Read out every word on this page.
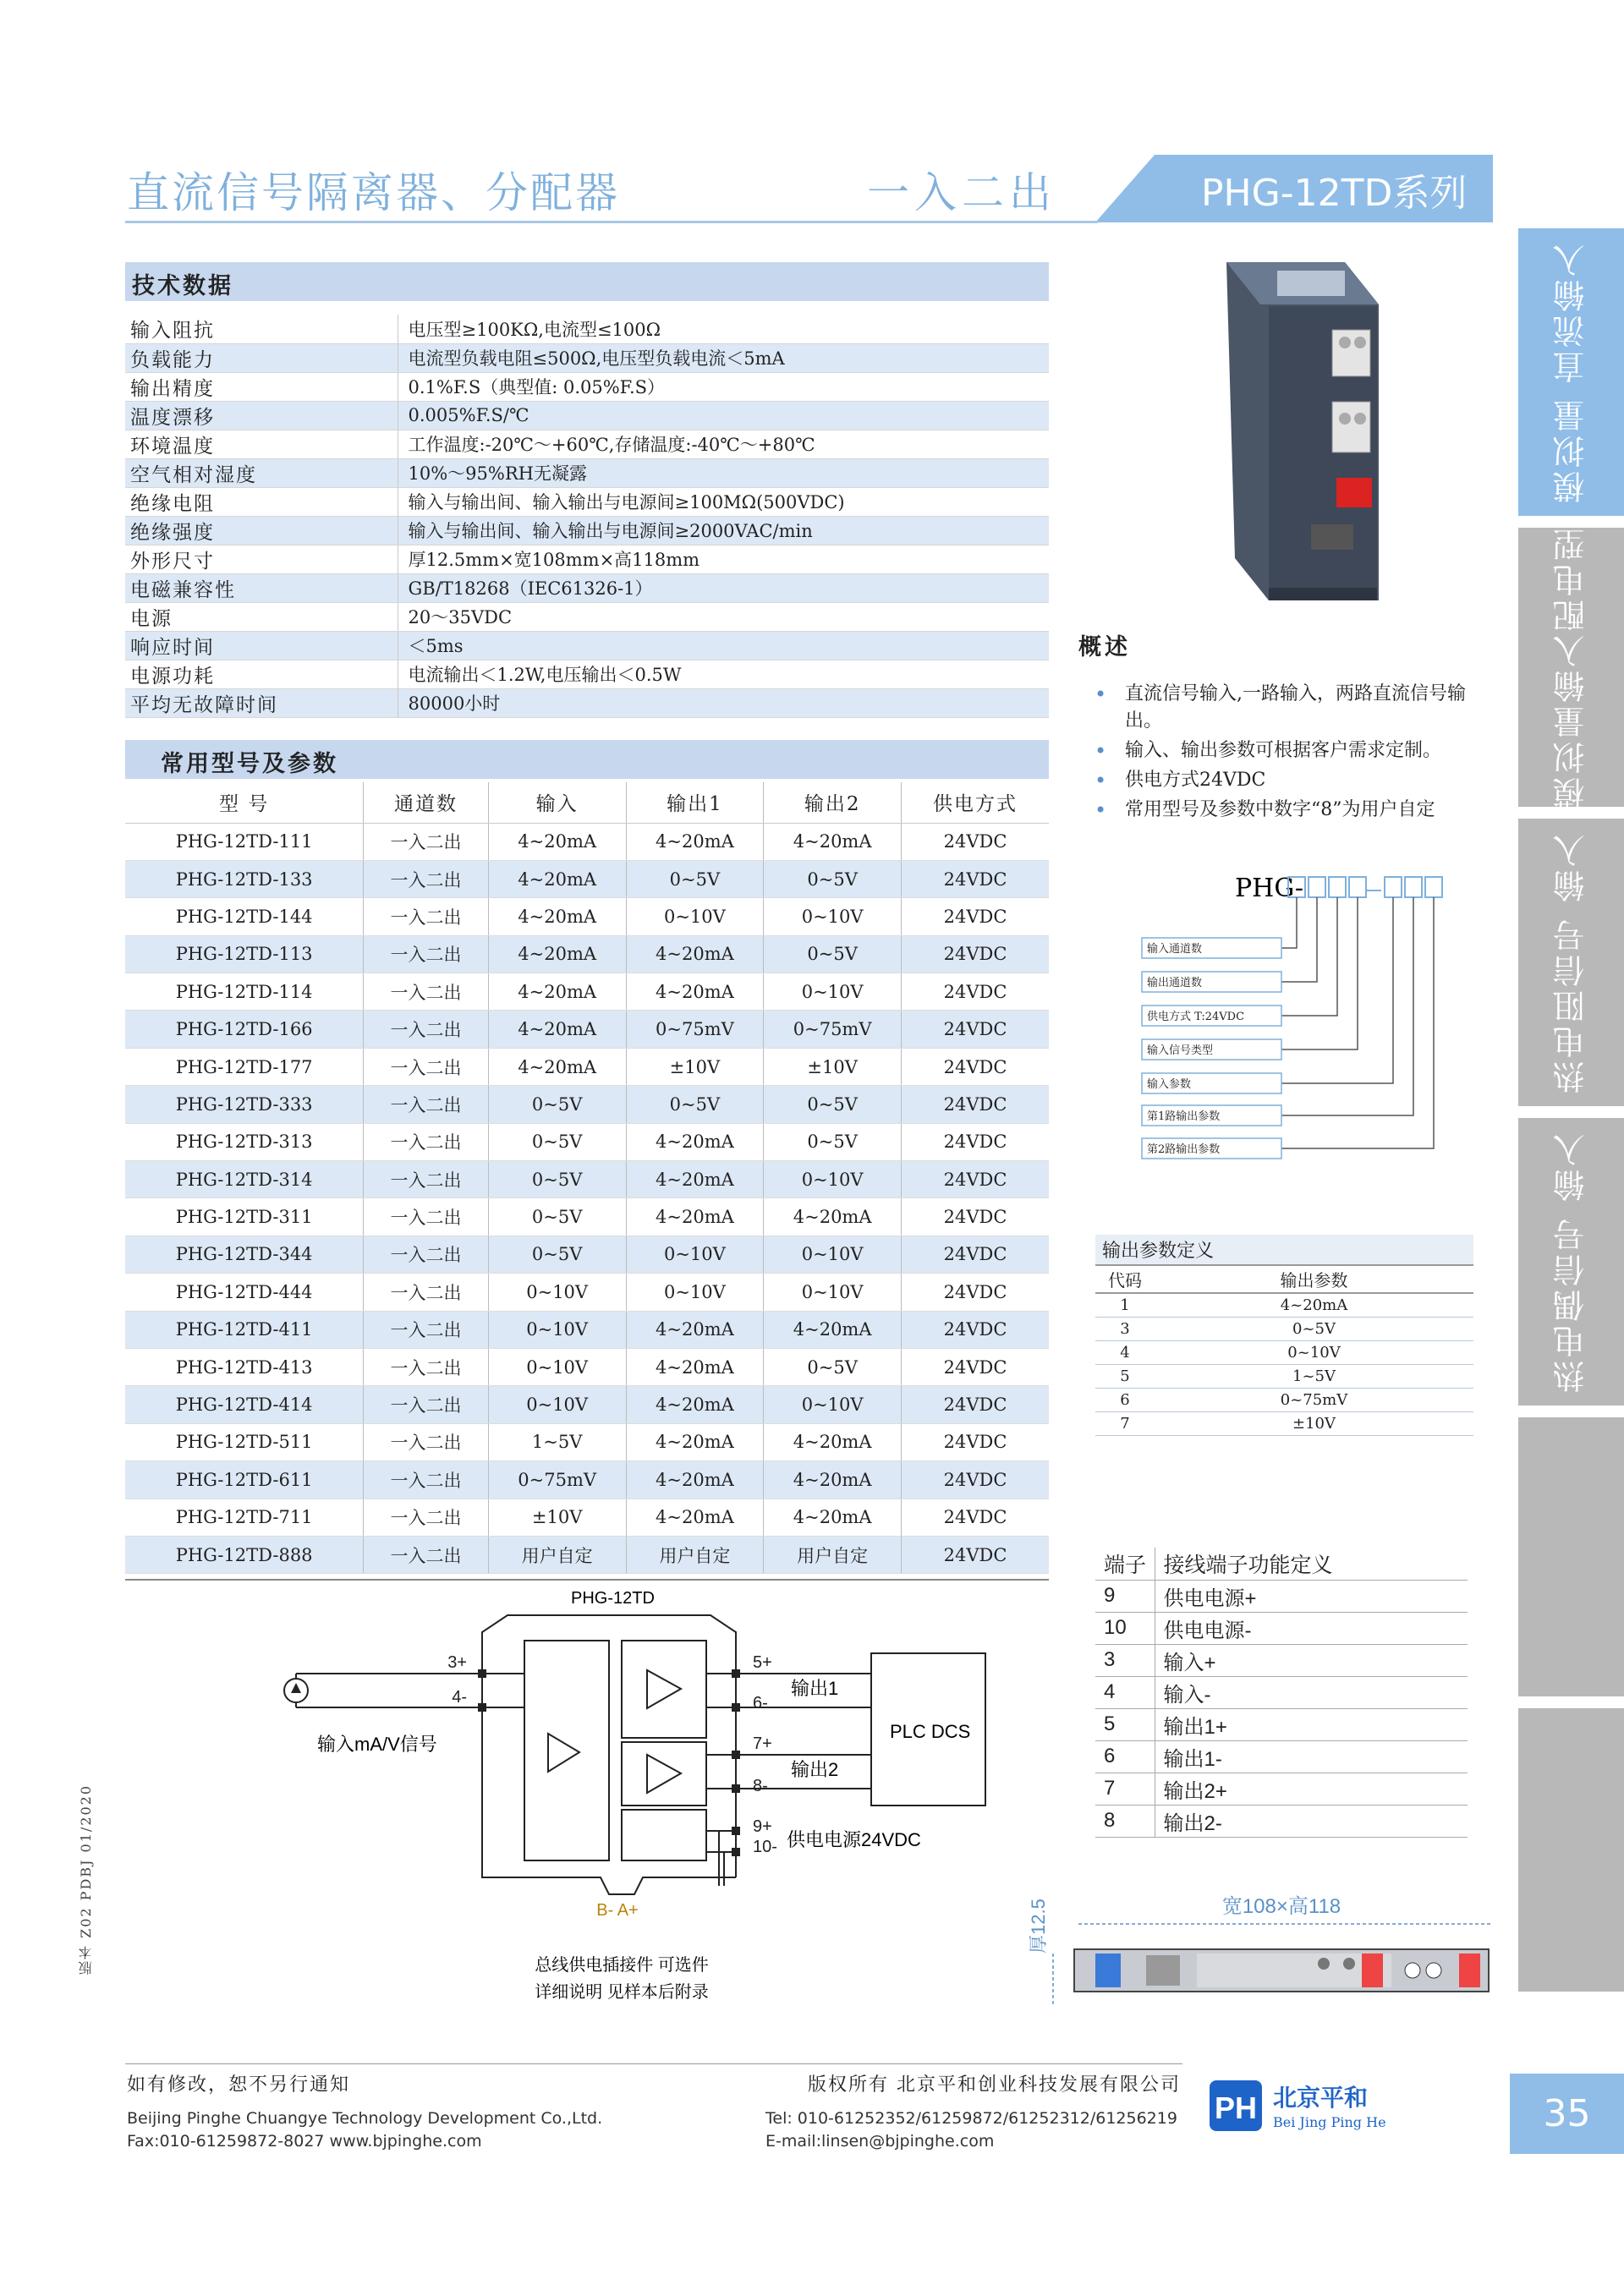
直流信号隔离器、分配器	一入二出	PHG-12TD系列
技术数据
输入阻抗	电压型≥100KΩ,电流型≤100Ω
负载能力	电流型负载电阻≤500Ω,电压型负载电流＜5mA
输出精度	0.1%F.S（典型值: 0.05%F.S）
温度漂移	0.005%F.S/℃
环境温度	工作温度:-20℃～+60℃,存储温度:-40℃～+80℃
空气相对湿度	10%～95%RH无凝露
绝缘电阻	输入与输出间、输入输出与电源间≥100MΩ(500VDC)
绝缘强度	输入与输出间、输入输出与电源间≥2000VAC/min
外形尺寸	厚12.5mm×宽108mm×高118mm
电磁兼容性	GB/T18268（IEC61326-1）
电源	20～35VDC
响应时间	＜5ms
电源功耗	电流输出＜1.2W,电压输出＜0.5W
平均无故障时间	80000小时
常用型号及参数
型 号	通道数	输入	输出1	输出2	供电方式
PHG-12TD-111	一入二出	4~20mA	4~20mA	4~20mA	24VDC
PHG-12TD-133	一入二出	4~20mA	0~5V	0~5V	24VDC
PHG-12TD-144	一入二出	4~20mA	0~10V	0~10V	24VDC
PHG-12TD-113	一入二出	4~20mA	4~20mA	0~5V	24VDC
PHG-12TD-114	一入二出	4~20mA	4~20mA	0~10V	24VDC
PHG-12TD-166	一入二出	4~20mA	0~75mV	0~75mV	24VDC
PHG-12TD-177	一入二出	4~20mA	±10V	±10V	24VDC
PHG-12TD-333	一入二出	0~5V	0~5V	0~5V	24VDC
PHG-12TD-313	一入二出	0~5V	4~20mA	0~5V	24VDC
PHG-12TD-314	一入二出	0~5V	4~20mA	0~10V	24VDC
PHG-12TD-311	一入二出	0~5V	4~20mA	4~20mA	24VDC
PHG-12TD-344	一入二出	0~5V	0~10V	0~10V	24VDC
PHG-12TD-444	一入二出	0~10V	0~10V	0~10V	24VDC
PHG-12TD-411	一入二出	0~10V	4~20mA	4~20mA	24VDC
PHG-12TD-413	一入二出	0~10V	4~20mA	0~5V	24VDC
PHG-12TD-414	一入二出	0~10V	4~20mA	0~10V	24VDC
PHG-12TD-511	一入二出	1~5V	4~20mA	4~20mA	24VDC
PHG-12TD-611	一入二出	0~75mV	4~20mA	4~20mA	24VDC
PHG-12TD-711	一入二出	±10V	4~20mA	4~20mA	24VDC
PHG-12TD-888	一入二出	用户自定	用户自定	用户自定	24VDC
模拟量 直流输入
模拟量输入配电型
热电阻信号 输入
热电偶信号 输入
35
概述
• 直流信号输入,一路输入，两路直流信号输出。
• 输入、输出参数可根据客户需求定制。
• 供电方式24VDC
• 常用型号及参数中数字“8”为用户自定
PHG-
输入通道数
输出通道数
供电方式 T:24VDC
输入信号类型
输入参数
第1路输出参数
第2路输出参数
输出参数定义
代码	输出参数
1	4~20mA
3	0~5V
4	0~10V
5	1~5V
6	0~75mV
7	±10V
端子	接线端子功能定义
9	供电电源+
10	供电电源-
3	输入+
4	输入-
5	输出1+
6	输出1-
7	输出2+
8	输出2-
PHG-12TD
3+
4-
5+
6-
7+
8-
9+
10-
输入mA/V信号
输出1
输出2
PLC DCS
供电电源24VDC
B- A+
总线供电插接件 可选件
详细说明 见样本后附录
厚12.5	宽108×高118
如有修改，恕不另行通知	版权所有 北京平和创业科技发展有限公司
Beijing Pinghe Chuangye Technology Development Co.,Ltd.
Fax:010-61259872-8027 www.bjpinghe.com
Tel: 010-61252352/61259872/61252312/61256219
E-mail:linsen@bjpinghe.com
PH 北京平和
Bei Jing Ping He
版本 Z02 PDBJ 01/2020
